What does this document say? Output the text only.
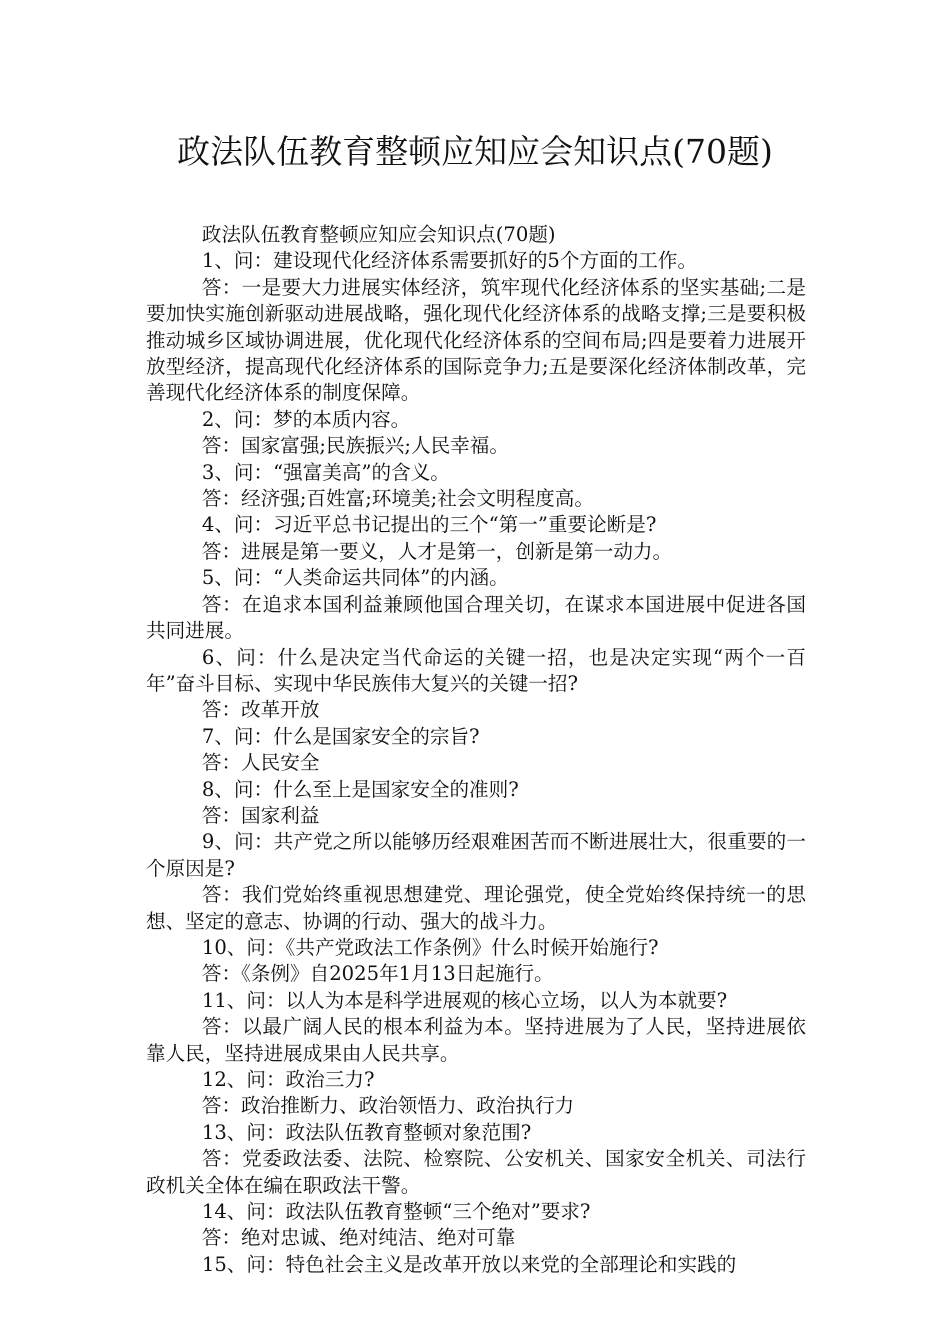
政法队伍教育整顿应知应会知识点(70题)

政法队伍教育整顿应知应会知识点(70题)

1、问：建设现代化经济体系需要抓好的5个方面的工作。

答：一是要大力进展实体经济，筑牢现代化经济体系的坚实基础;二是要加快实施创新驱动进展战略，强化现代化经济体系的战略支撑;三是要积极推动城乡区域协调进展，优化现代化经济体系的空间布局;四是要着力进展开放型经济，提高现代化经济体系的国际竞争力;五是要深化经济体制改革，完善现代化经济体系的制度保障。

2、问：梦的本质内容。

答：国家富强;民族振兴;人民幸福。

3、问：“强富美高”的含义。

答：经济强;百姓富;环境美;社会文明程度高。

4、问：习近平总书记提出的三个“第一”重要论断是?

答：进展是第一要义，人才是第一，创新是第一动力。

5、问：“人类命运共同体”的内涵。

答：在追求本国利益兼顾他国合理关切，在谋求本国进展中促进各国共同进展。

6、问：什么是决定当代命运的关键一招，也是决定实现“两个一百年”奋斗目标、实现中华民族伟大复兴的关键一招?

答：改革开放

7、问：什么是国家安全的宗旨?

答：人民安全

8、问：什么至上是国家安全的准则?

答：国家利益

9、问：共产党之所以能够历经艰难困苦而不断进展壮大，很重要的一个原因是?

答：我们党始终重视思想建党、理论强党，使全党始终保持统一的思想、坚定的意志、协调的行动、强大的战斗力。

10、问：《共产党政法工作条例》什么时候开始施行?

答：《条例》自2025年1月13日起施行。

11、问：以人为本是科学进展观的核心立场，以人为本就要?

答：以最广阔人民的根本利益为本。坚持进展为了人民，坚持进展依靠人民，坚持进展成果由人民共享。

12、问：政治三力?

答：政治推断力、政治领悟力、政治执行力

13、问：政法队伍教育整顿对象范围?

答：党委政法委、法院、检察院、公安机关、国家安全机关、司法行政机关全体在编在职政法干警。

14、问：政法队伍教育整顿“三个绝对”要求?

答：绝对忠诚、绝对纯洁、绝对可靠

15、问：特色社会主义是改革开放以来党的全部理论和实践的
